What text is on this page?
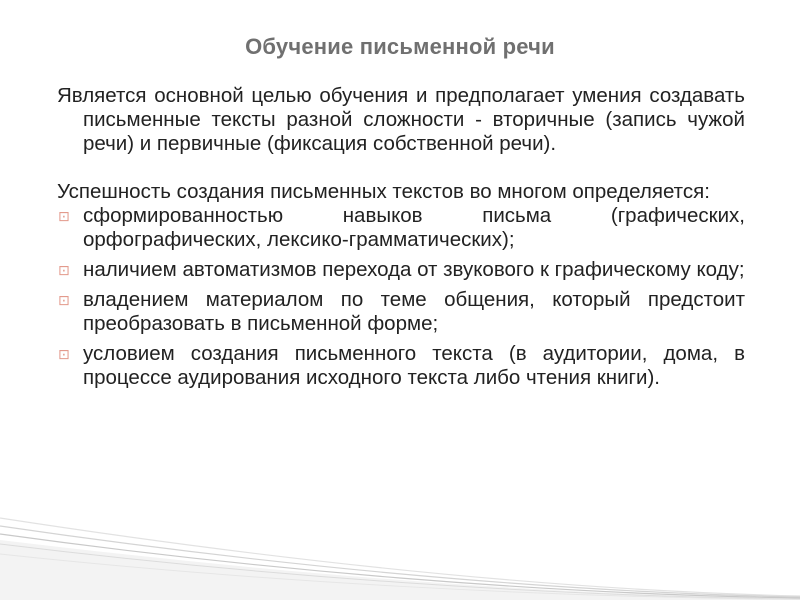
Обучение письменной речи

Является основной целью обучения и предполагает умения создавать письменные тексты разной сложности - вторичные (запись чужой речи) и первичные (фиксация собственной речи).

Успешность создания письменных текстов во многом определяется:

⊡ сформированностью навыков письма (графических, орфографических, лексико-грамматических);
⊡ наличием автоматизмов перехода от звукового к графическому коду;
⊡ владением материалом по теме общения, который предстоит преобразовать в письменной форме;
⊡ условием создания письменного текста (в аудитории, дома, в процессе аудирования исходного текста либо чтения книги).
